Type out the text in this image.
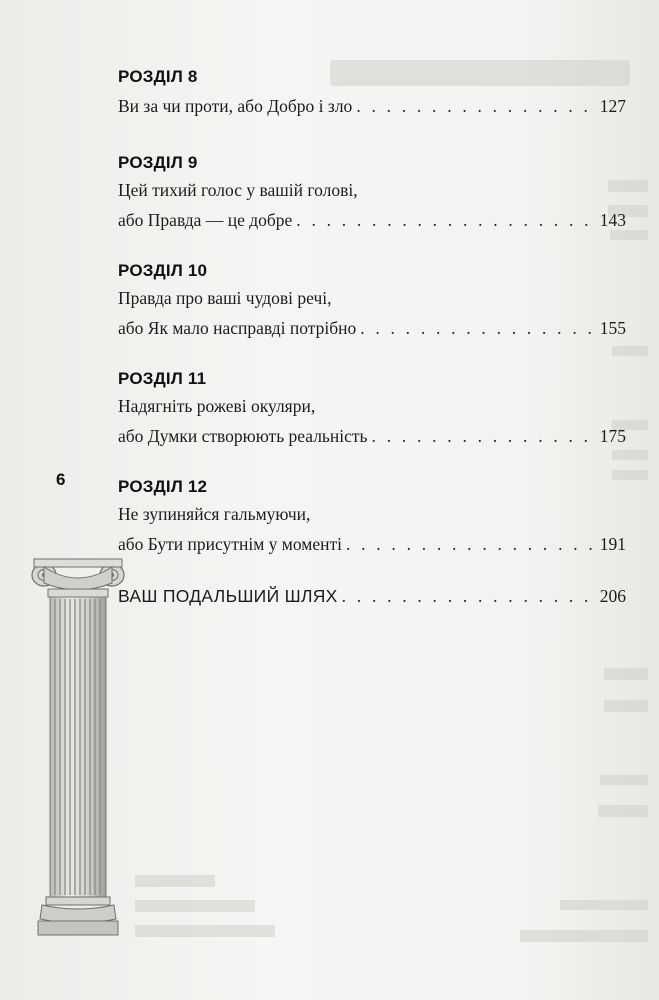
6
РОЗДІЛ 8
Ви за чи проти, або Добро і зло . . .	127
РОЗДІЛ 9
Цей тихий голос у вашій голові,
або Правда — це добре . . .	143
РОЗДІЛ 10
Правда про ваші чудові речі,
або Як мало насправді потрібно . . .	155
РОЗДІЛ 11
Надягніть рожеві окуляри,
або Думки створюють реальність . . .	175
РОЗДІЛ 12
Не зупиняйся гальмуючи,
або Бути присутнім у моменті . . .	191
ВАШ ПОДАЛЬШИЙ ШЛЯХ . . .	206
